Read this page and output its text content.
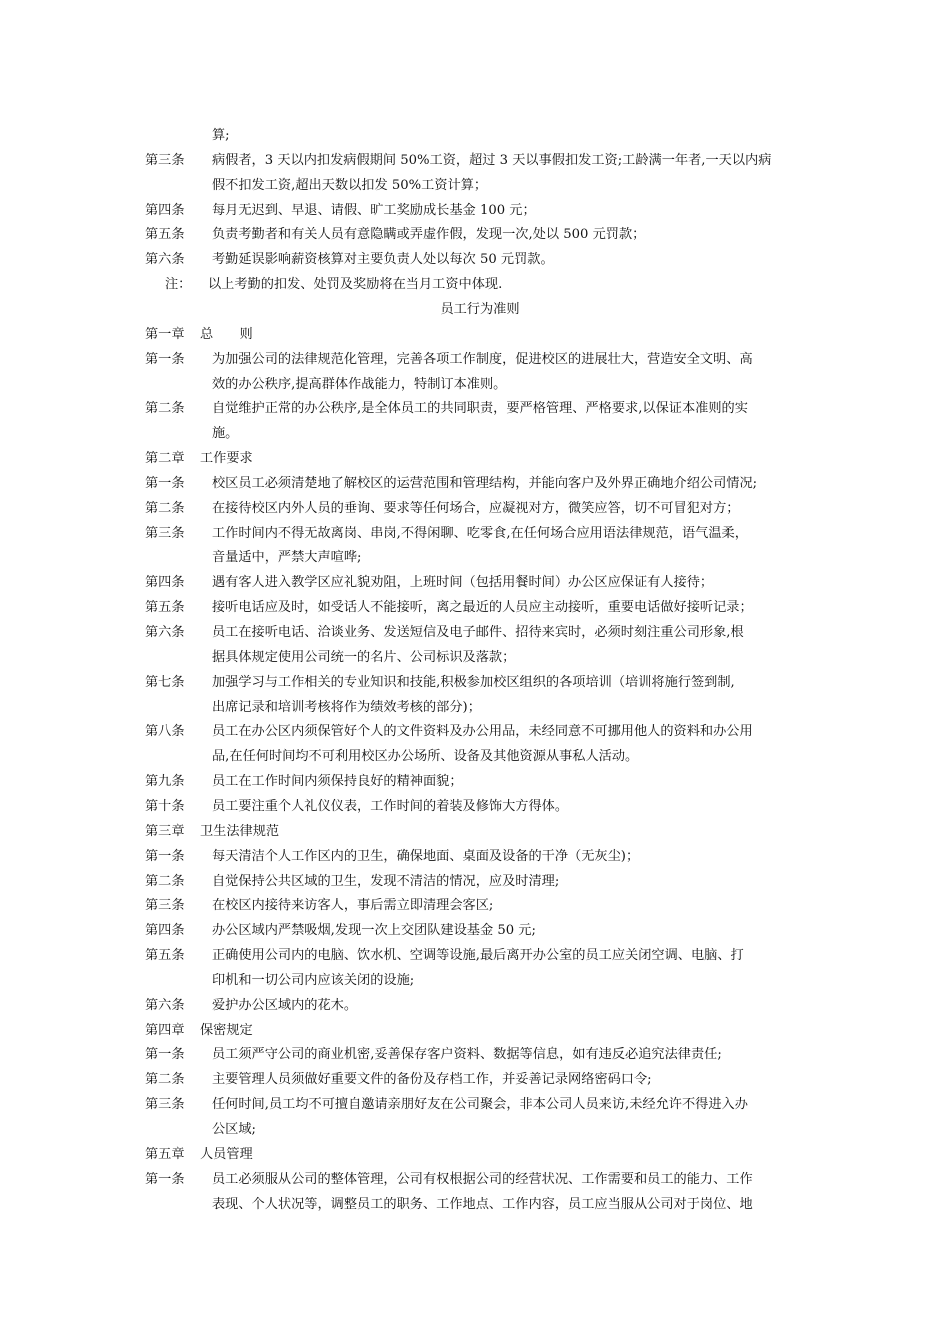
算;
第三条 病假者，3 天以内扣发病假期间 50%工资，超过 3 天以事假扣发工资;工龄满一年者,一天以内病
假不扣发工资,超出天数以扣发 50%工资计算；
第四条 每月无迟到、早退、请假、旷工奖励成长基金 100 元；
第五条 负责考勤者和有关人员有意隐瞒或弄虚作假，发现一次,处以 500 元罚款；
第六条 考勤延误影响薪资核算对主要负责人处以每次 50 元罚款。
注： 以上考勤的扣发、处罚及奖励将在当月工资中体现.
员工行为准则
第一章 总　　则
第一条 为加强公司的法律规范化管理，完善各项工作制度，促进校区的进展壮大，营造安全文明、高
效的办公秩序,提高群体作战能力，特制订本准则。
第二条 自觉维护正常的办公秩序,是全体员工的共同职责，要严格管理、严格要求,以保证本准则的实
施。
第二章 工作要求
第一条 校区员工必须清楚地了解校区的运营范围和管理结构，并能向客户及外界正确地介绍公司情况;
第二条 在接待校区内外人员的垂询、要求等任何场合，应凝视对方，微笑应答，切不可冒犯对方；
第三条 工作时间内不得无故离岗、串岗,不得闲聊、吃零食,在任何场合应用语法律规范，语气温柔，
音量适中，严禁大声喧哗;
第四条 遇有客人进入教学区应礼貌劝阻，上班时间（包括用餐时间）办公区应保证有人接待；
第五条 接听电话应及时，如受话人不能接听，离之最近的人员应主动接听，重要电话做好接听记录；
第六条 员工在接听电话、洽谈业务、发送短信及电子邮件、招待来宾时，必须时刻注重公司形象,根
据具体规定使用公司统一的名片、公司标识及落款；
第七条 加强学习与工作相关的专业知识和技能,积极参加校区组织的各项培训（培训将施行签到制,
出席记录和培训考核将作为绩效考核的部分)；
第八条 员工在办公区内须保管好个人的文件资料及办公用品，未经同意不可挪用他人的资料和办公用
品,在任何时间均不可利用校区办公场所、设备及其他资源从事私人活动。
第九条 员工在工作时间内须保持良好的精神面貌；
第十条 员工要注重个人礼仪仪表，工作时间的着装及修饰大方得体。
第三章 卫生法律规范
第一条 每天清洁个人工作区内的卫生，确保地面、桌面及设备的干净（无灰尘)；
第二条 自觉保持公共区域的卫生，发现不清洁的情况，应及时清理;
第三条 在校区内接待来访客人，事后需立即清理会客区;
第四条 办公区域内严禁吸烟,发现一次上交团队建设基金 50 元;
第五条 正确使用公司内的电脑、饮水机、空调等设施,最后离开办公室的员工应关闭空调、电脑、打
印机和一切公司内应该关闭的设施;
第六条 爱护办公区域内的花木。
第四章 保密规定
第一条 员工须严守公司的商业机密,妥善保存客户资料、数据等信息，如有违反必追究法律责任;
第二条 主要管理人员须做好重要文件的备份及存档工作，并妥善记录网络密码口令;
第三条 任何时间,员工均不可擅自邀请亲朋好友在公司聚会，非本公司人员来访,未经允许不得进入办
公区域;
第五章 人员管理
第一条 员工必须服从公司的整体管理，公司有权根据公司的经营状况、工作需要和员工的能力、工作
表现、个人状况等，调整员工的职务、工作地点、工作内容，员工应当服从公司对于岗位、地
